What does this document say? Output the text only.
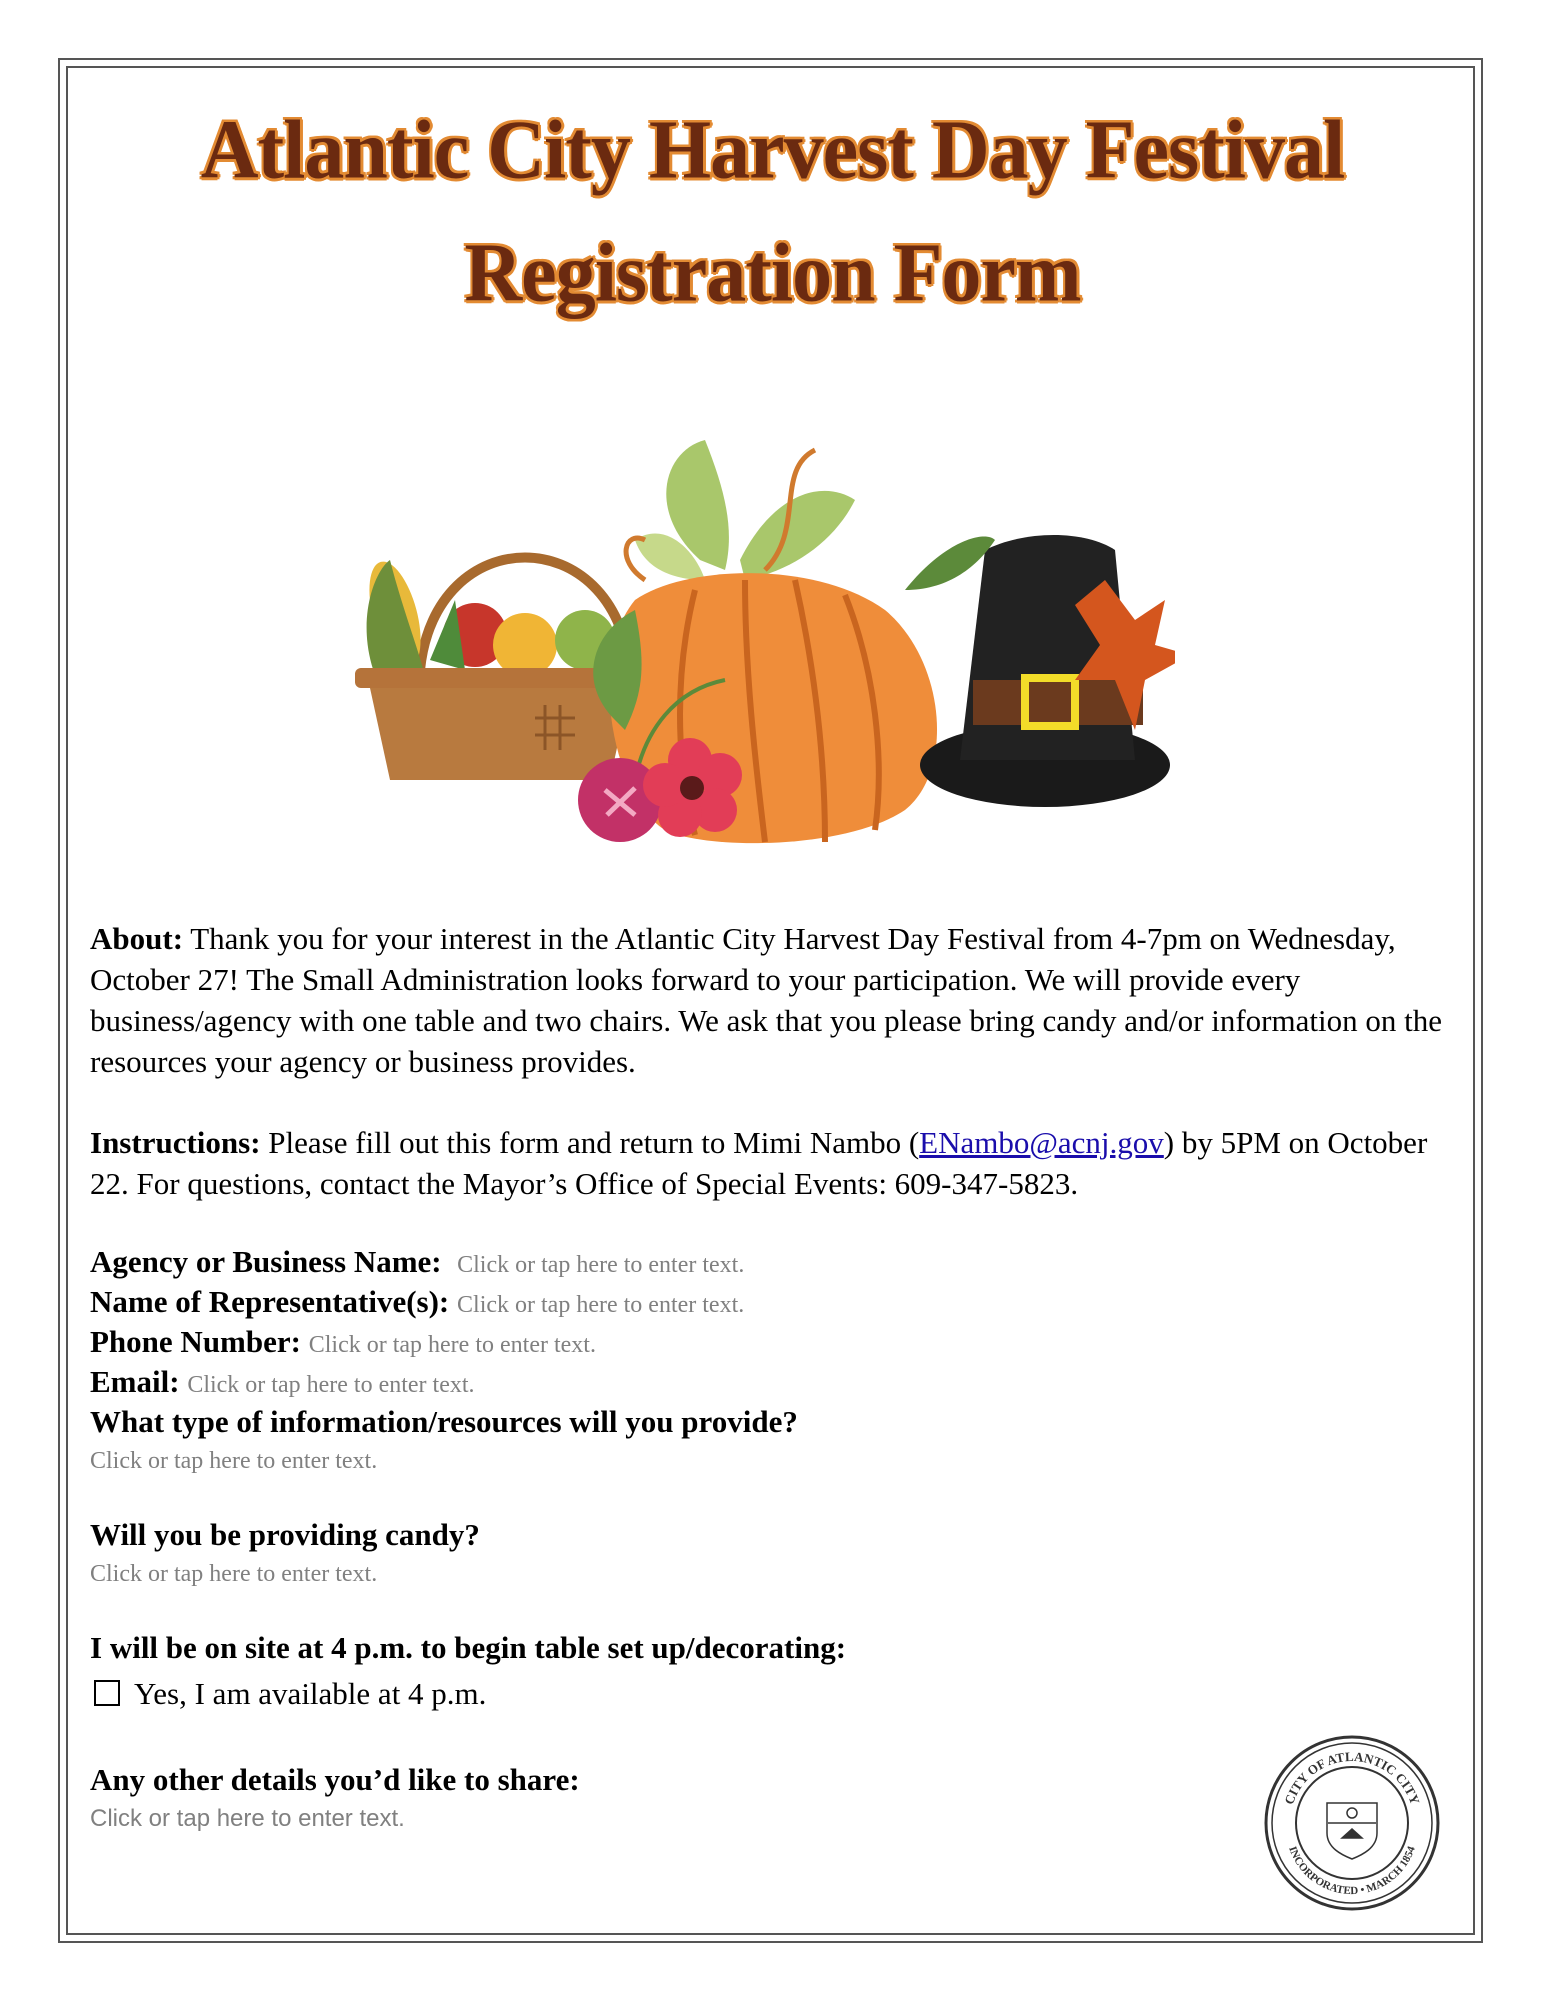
Atlantic City Harvest Day Festival
Registration Form
About: Thank you for your interest in the Atlantic City Harvest Day Festival from 4-7pm on Wednesday, October 27! The Small Administration looks forward to your participation. We will provide every business/agency with one table and two chairs. We ask that you please bring candy and/or information on the resources your agency or business provides.
Instructions: Please fill out this form and return to Mimi Nambo (ENambo@acnj.gov) by 5PM on October 22. For questions, contact the Mayor’s Office of Special Events: 609-347-5823.
Agency or Business Name: Click or tap here to enter text.
Name of Representative(s): Click or tap here to enter text.
Phone Number: Click or tap here to enter text.
Email: Click or tap here to enter text.
What type of information/resources will you provide?
Click or tap here to enter text.
Will you be providing candy?
Click or tap here to enter text.
I will be on site at 4 p.m. to begin table set up/decorating:
Yes, I am available at 4 p.m.
Any other details you’d like to share:
Click or tap here to enter text.
CITY OF ATLANTIC CITY
INCORPORATED • MARCH 1854
